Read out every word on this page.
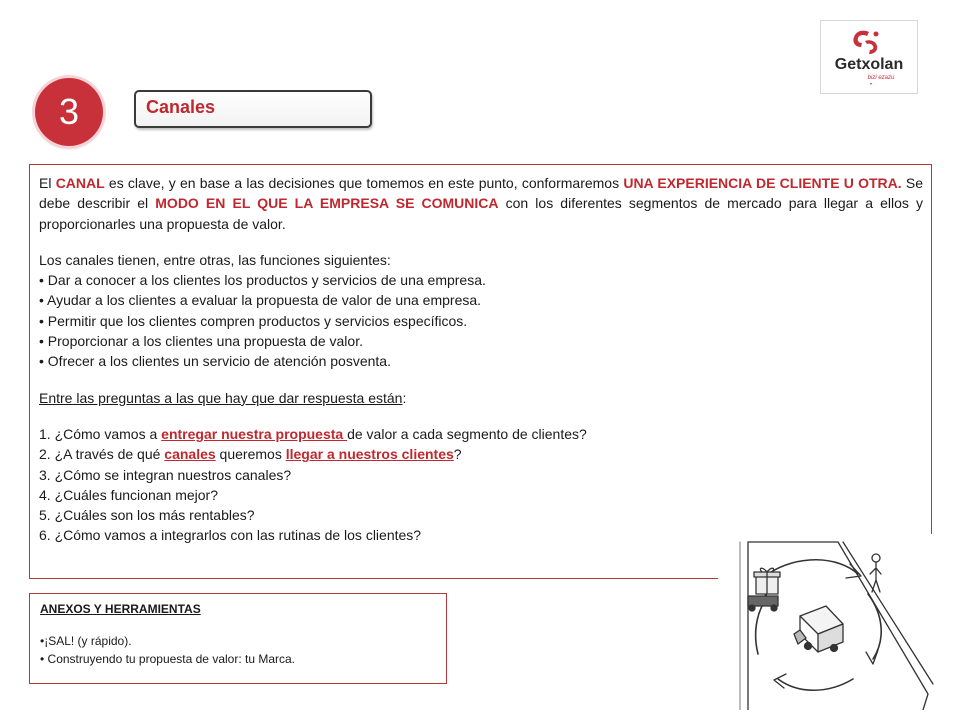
Getxolan
bizi ezazu
3	Canales

El CANAL es clave, y en base a las decisiones que tomemos en este punto, conformaremos UNA EXPERIENCIA DE CLIENTE U OTRA. Se debe describir el MODO EN EL QUE LA EMPRESA SE COMUNICA con los diferentes segmentos de mercado para llegar a ellos y proporcionarles una propuesta de valor.

Los canales tienen, entre otras, las funciones siguientes:

• Dar a conocer a los clientes los productos y servicios de una empresa.

• Ayudar a los clientes a evaluar la propuesta de valor de una empresa.

• Permitir que los clientes compren productos y servicios específicos.

• Proporcionar a los clientes una propuesta de valor.

• Ofrecer a los clientes un servicio de atención posventa.

Entre las preguntas a las que hay que dar respuesta están:

1. ¿Cómo vamos a entregar nuestra propuesta de valor a cada segmento de clientes?

2. ¿A través de qué canales queremos llegar a nuestros clientes?

3. ¿Cómo se integran nuestros canales?

4. ¿Cuáles funcionan mejor?

5. ¿Cuáles son los más rentables?

6. ¿Cómo vamos a integrarlos con las rutinas de los clientes?

ANEXOS Y HERRAMIENTAS
•¡SAL! (y rápido).
• Construyendo tu propuesta de valor: tu Marca.
